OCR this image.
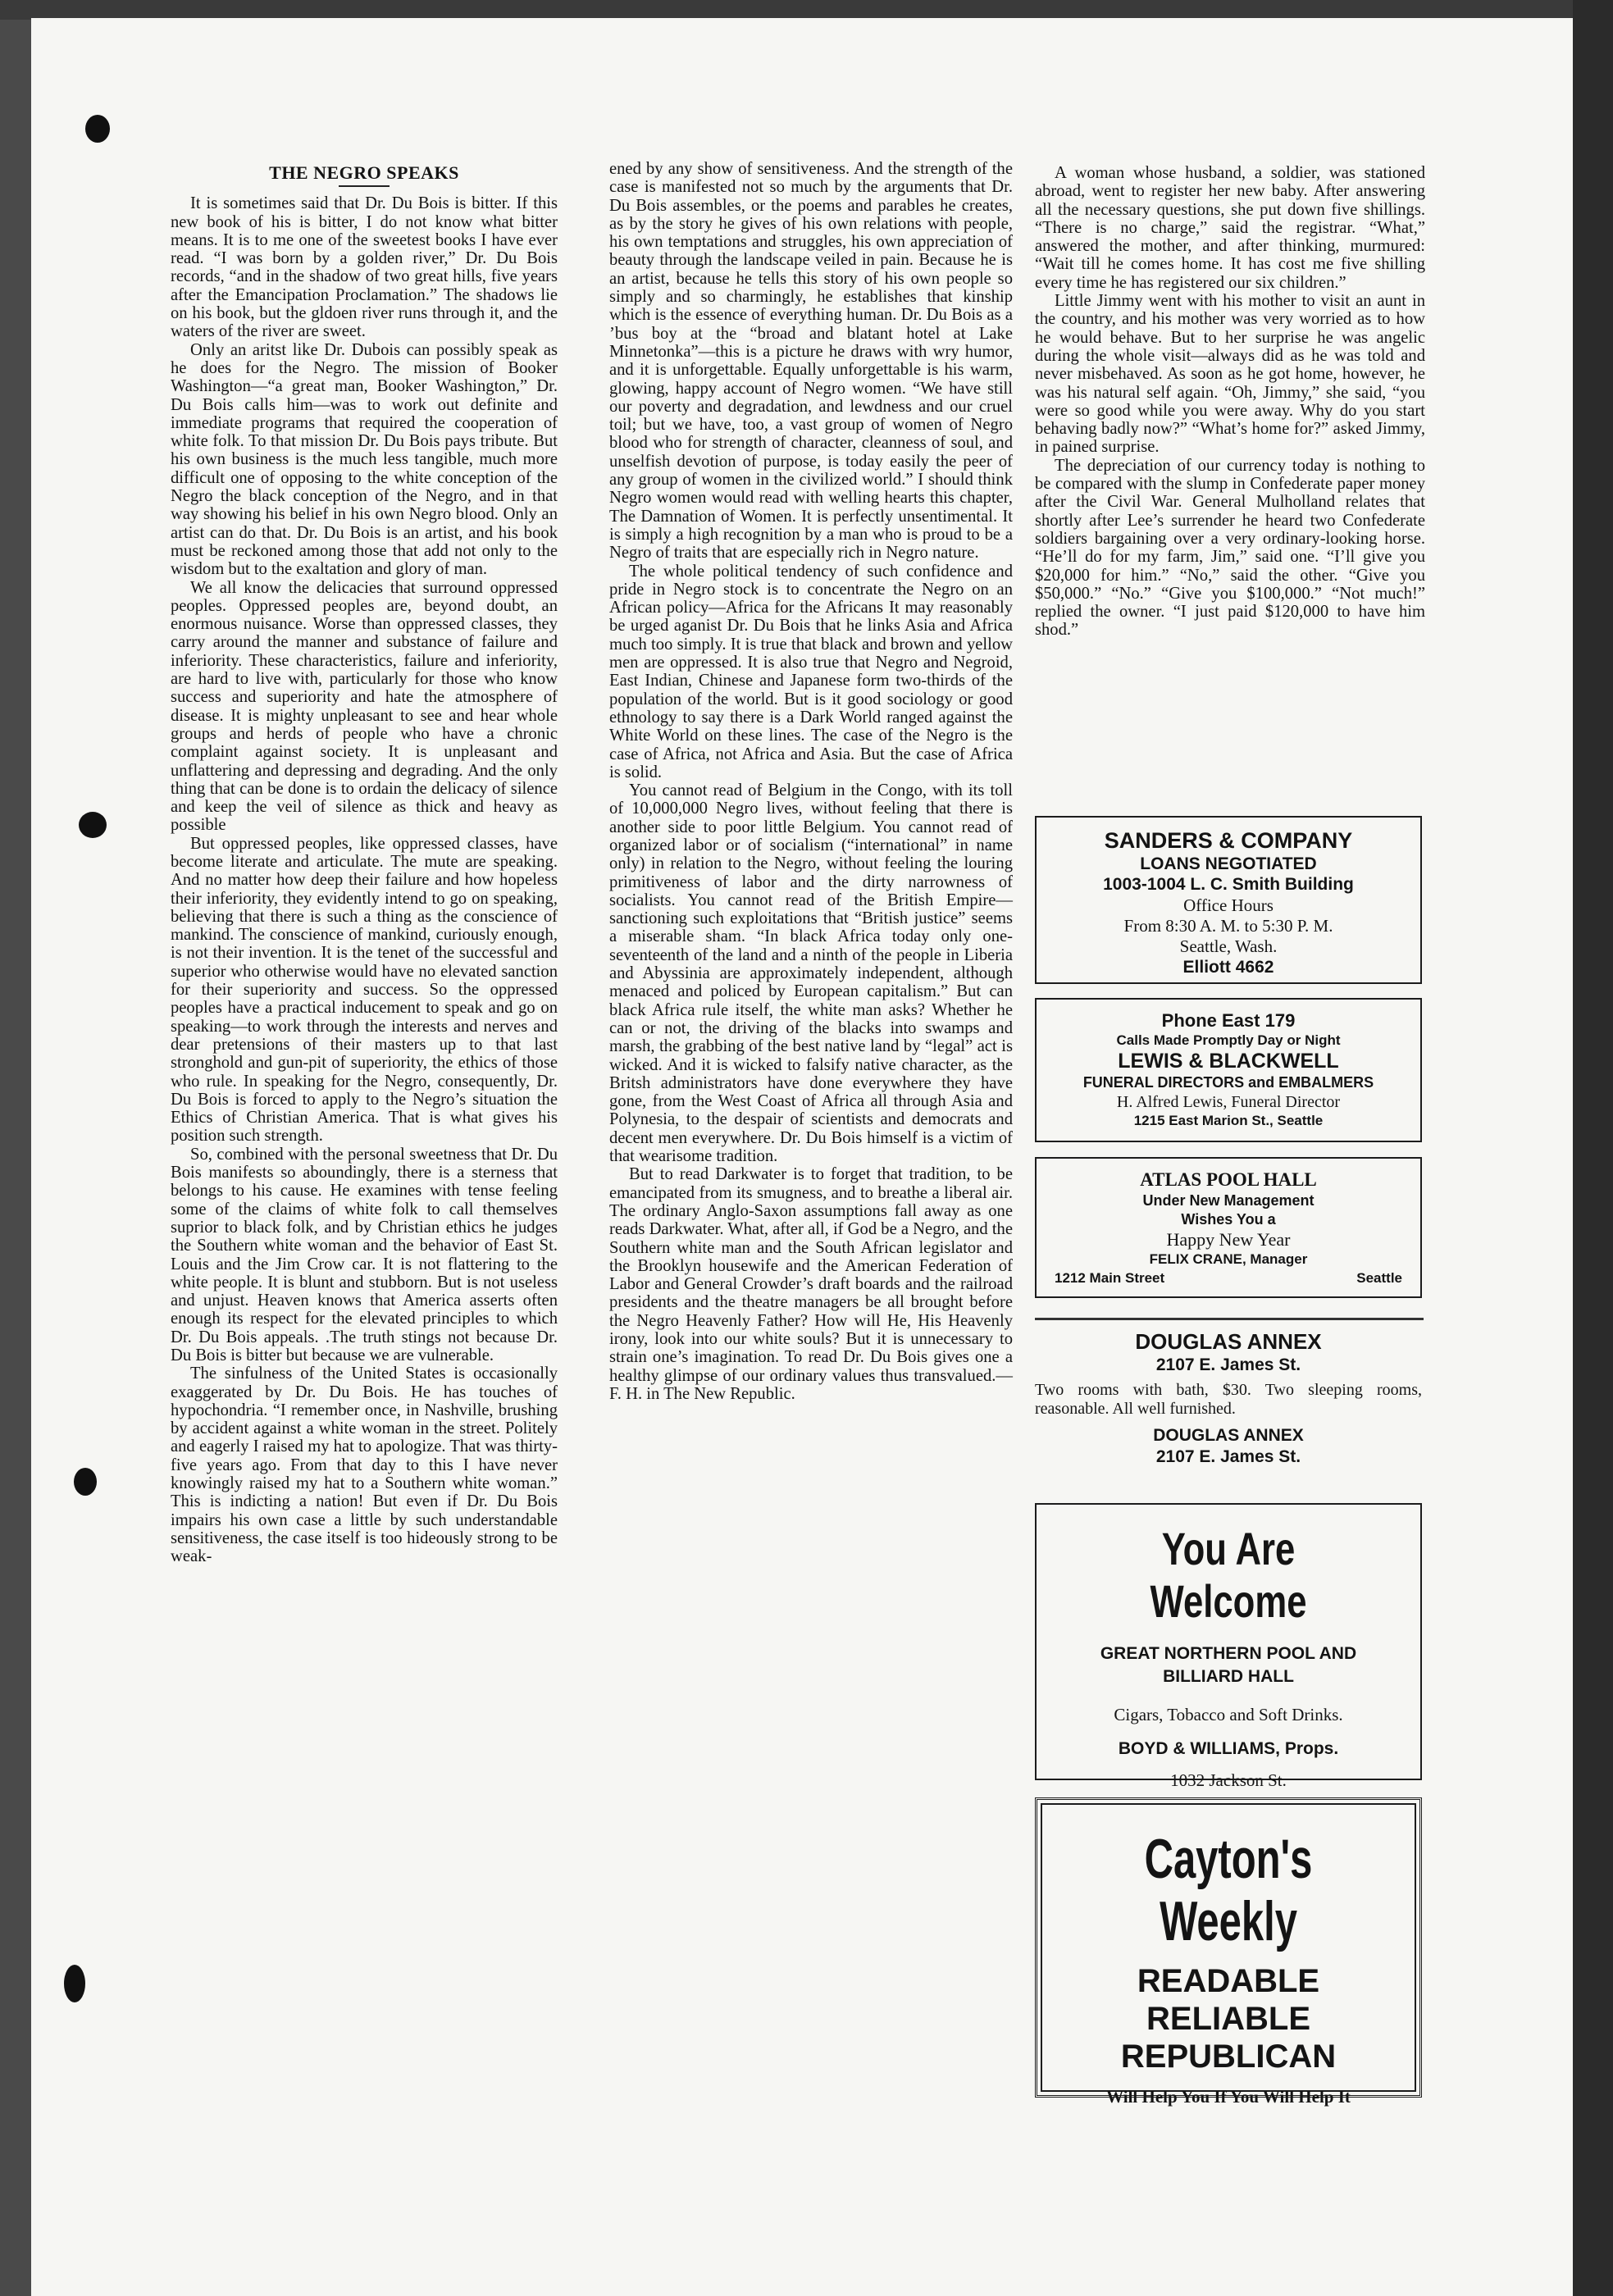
THE NEGRO SPEAKS

It is sometimes said that Dr. Du Bois is bitter. If this new book of his is bitter, I do not know what bitter means. It is to me one of the sweetest books I have ever read. “I was born by a golden river,” Dr. Du Bois records, “and in the shadow of two great hills, five years after the Emancipation Proclamation.” The shadows lie on his book, but the gldoen river runs through it, and the waters of the river are sweet.

Only an aritst like Dr. Dubois can possibly speak as he does for the Negro. The mission of Booker Washington—“a great man, Booker Washington,” Dr. Du Bois calls him—was to work out definite and immediate programs that required the cooperation of white folk. To that mission Dr. Du Bois pays tribute. But his own business is the much less tangible, much more difficult one of opposing to the white conception of the Negro the black conception of the Negro, and in that way showing his belief in his own Negro blood. Only an artist can do that. Dr. Du Bois is an artist, and his book must be reckoned among those that add not only to the wisdom but to the exaltation and glory of man.

We all know the delicacies that surround oppressed peoples. Oppressed peoples are, beyond doubt, an enormous nuisance. Worse than oppressed classes, they carry around the manner and substance of failure and inferiority. These characteristics, failure and inferiority, are hard to live with, particularly for those who know success and superiority and hate the atmosphere of disease. It is mighty unpleasant to see and hear whole groups and herds of people who have a chronic complaint against society. It is unpleasant and unflattering and depressing and degrading. And the only thing that can be done is to ordain the delicacy of silence and keep the veil of silence as thick and heavy as possible

But oppressed peoples, like oppressed classes, have become literate and articulate. The mute are speaking. And no matter how deep their failure and how hopeless their inferiority, they evidently intend to go on speaking, believing that there is such a thing as the conscience of mankind. The conscience of mankind, curiously enough, is not their invention. It is the tenet of the successful and superior who otherwise would have no elevated sanction for their superiority and success. So the oppressed peoples have a practical inducement to speak and go on speaking—to work through the interests and nerves and dear pretensions of their masters up to that last stronghold and gun-pit of superiority, the ethics of those who rule. In speaking for the Negro, consequently, Dr. Du Bois is forced to apply to the Negro’s situation the Ethics of Christian America. That is what gives his position such strength.

So, combined with the personal sweetness that Dr. Du Bois manifests so aboundingly, there is a sterness that belongs to his cause. He examines with tense feeling some of the claims of white folk to call themselves suprior to black folk, and by Christian ethics he judges the Southern white woman and the behavior of East St. Louis and the Jim Crow car. It is not flattering to the white people. It is blunt and stubborn. But is not useless and unjust. Heaven knows that America asserts often enough its respect for the elevated principles to which Dr. Du Bois appeals. .The truth stings not because Dr. Du Bois is bitter but because we are vulnerable.

The sinfulness of the United States is occasionally exaggerated by Dr. Du Bois. He has touches of hypochondria. “I remember once, in Nashville, brushing by accident against a white woman in the street. Politely and eagerly I raised my hat to apologize. That was thirty-five years ago. From that day to this I have never knowingly raised my hat to a Southern white woman.” This is indicting a nation! But even if Dr. Du Bois impairs his own case a little by such understandable sensitiveness, the case itself is too hideously strong to be weak-

ened by any show of sensitiveness. And the strength of the case is manifested not so much by the arguments that Dr. Du Bois assembles, or the poems and parables he creates, as by the story he gives of his own relations with people, his own temptations and struggles, his own appreciation of beauty through the landscape veiled in pain. Because he is an artist, because he tells this story of his own people so simply and so charmingly, he establishes that kinship which is the essence of everything human. Dr. Du Bois as a ’bus boy at the “broad and blatant hotel at Lake Minnetonka”—this is a picture he draws with wry humor, and it is unforgettable. Equally unforgettable is his warm, glowing, happy account of Negro women. “We have still our poverty and degradation, and lewdness and our cruel toil; but we have, too, a vast group of women of Negro blood who for strength of character, cleanness of soul, and unselfish devotion of purpose, is today easily the peer of any group of women in the civilized world.” I should think Negro women would read with welling hearts this chapter, The Damnation of Women. It is perfectly unsentimental. It is simply a high recognition by a man who is proud to be a Negro of traits that are especially rich in Negro nature.

The whole political tendency of such confidence and pride in Negro stock is to concentrate the Negro on an African policy—Africa for the Africans It may reasonably be urged aganist Dr. Du Bois that he links Asia and Africa much too simply. It is true that black and brown and yellow men are oppressed. It is also true that Negro and Negroid, East Indian, Chinese and Japanese form two-thirds of the population of the world. But is it good sociology or good ethnology to say there is a Dark World ranged against the White World on these lines. The case of the Negro is the case of Africa, not Africa and Asia. But the case of Africa is solid.

You cannot read of Belgium in the Congo, with its toll of 10,000,000 Negro lives, without feeling that there is another side to poor little Belgium. You cannot read of organized labor or of socialism (“international” in name only) in relation to the Negro, without feeling the louring primitiveness of labor and the dirty narrowness of socialists. You cannot read of the British Empire—sanctioning such exploitations that “British justice” seems a miserable sham. “In black Africa today only one-seventeenth of the land and a ninth of the people in Liberia and Abyssinia are approximately independent, although menaced and policed by European capitalism.” But can black Africa rule itself, the white man asks? Whether he can or not, the driving of the blacks into swamps and marsh, the grabbing of the best native land by “legal” act is wicked. And it is wicked to falsify native character, as the Britsh administrators have done everywhere they have gone, from the West Coast of Africa all through Asia and Polynesia, to the despair of scientists and democrats and decent men everywhere. Dr. Du Bois himself is a victim of that wearisome tradition.

But to read Darkwater is to forget that tradition, to be emancipated from its smugness, and to breathe a liberal air. The ordinary Anglo-Saxon assumptions fall away as one reads Darkwater. What, after all, if God be a Negro, and the Southern white man and the South African legislator and the Brooklyn housewife and the American Federation of Labor and General Crowder’s draft boards and the railroad presidents and the theatre managers be all brought before the Negro Heavenly Father? How will He, His Heavenly irony, look into our white souls? But it is unnecessary to strain one’s imagination. To read Dr. Du Bois gives one a healthy glimpse of our ordinary values thus transvalued.—F. H. in The New Republic.

A woman whose husband, a soldier, was stationed abroad, went to register her new baby. After answering all the necessary questions, she put down five shillings. “There is no charge,” said the registrar. “What,” answered the mother, and after thinking, murmured: “Wait till he comes home. It has cost me five shilling every time he has registered our six children.”

Little Jimmy went with his mother to visit an aunt in the country, and his mother was very worried as to how he would behave. But to her surprise he was angelic during the whole visit—always did as he was told and never misbehaved. As soon as he got home, however, he was his natural self again. “Oh, Jimmy,” she said, “you were so good while you were away. Why do you start behaving badly now?” “What’s home for?” asked Jimmy, in pained surprise.

The depreciation of our currency today is nothing to be compared with the slump in Confederate paper money after the Civil War. General Mulholland relates that shortly after Lee’s surrender he heard two Confederate soldiers bargaining over a very ordinary-looking horse. “He’ll do for my farm, Jim,” said one. “I’ll give you $20,000 for him.” “No,” said the other. “Give you $50,000.” “No.” “Give you $100,000.” “Not much!” replied the owner. “I just paid $120,000 to have him shod.”

SANDERS & COMPANY
LOANS NEGOTIATED
1003-1004 L. C. Smith Building
Office Hours
From 8:30 A. M. to 5:30 P. M.
Seattle, Wash.
Elliott 4662
Phone East 179
Calls Made Promptly Day or Night
LEWIS & BLACKWELL
FUNERAL DIRECTORS and EMBALMERS
H. Alfred Lewis, Funeral Director
1215 East Marion St., Seattle
ATLAS POOL HALL
Under New Management
Wishes You a
Happy New Year
FELIX CRANE, Manager
1212 Main Street	Seattle
DOUGLAS ANNEX
2107 E. James St.
Two rooms with bath, $30. Two sleeping rooms, reasonable. All well furnished.
DOUGLAS ANNEX
2107 E. James St.
You Are Welcome
GREAT NORTHERN POOL AND
BILLIARD HALL
Cigars, Tobacco and Soft Drinks.
BOYD & WILLIAMS, Props.
1032 Jackson St.
Cayton's Weekly
READABLE
RELIABLE
REPUBLICAN
Will Help You If You Will Help It
